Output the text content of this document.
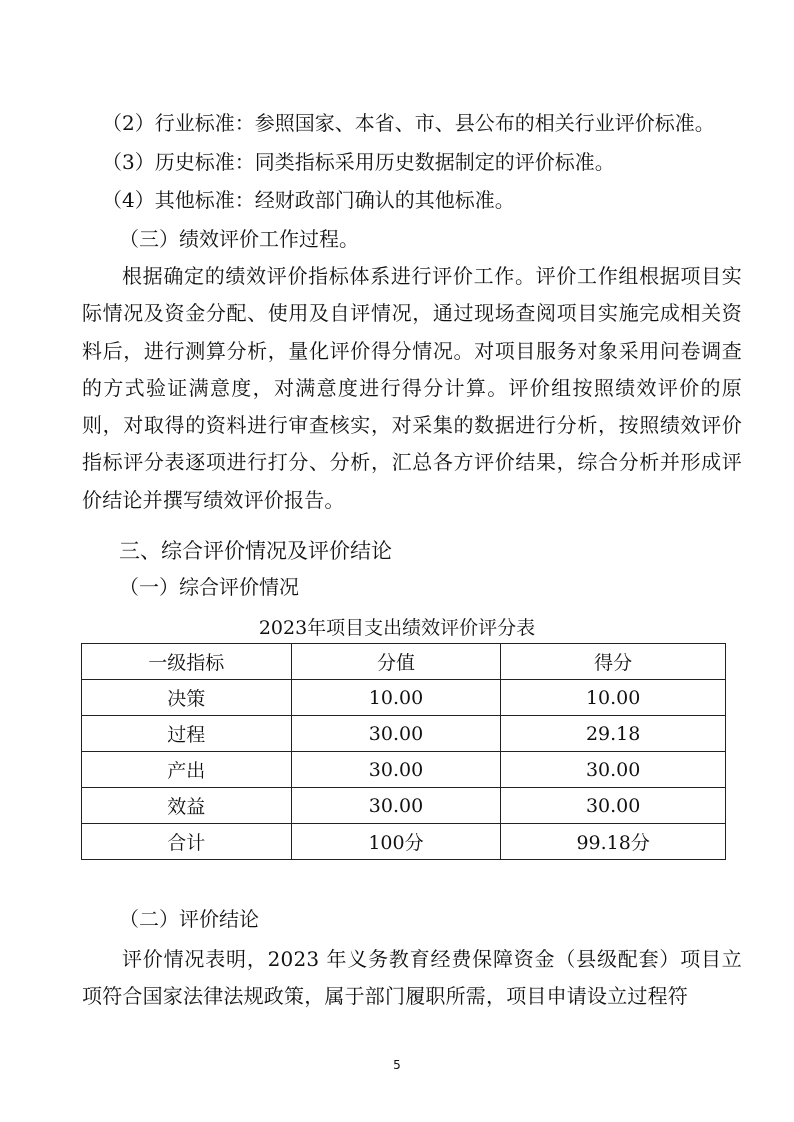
（2）行业标准：参照国家、本省、市、县公布的相关行业评价标准。
（3）历史标准：同类指标采用历史数据制定的评价标准。
（4）其他标准：经财政部门确认的其他标准。
（三）绩效评价工作过程。
根据确定的绩效评价指标体系进行评价工作。评价工作组根据项目实际情况及资金分配、使用及自评情况，通过现场查阅项目实施完成相关资料后，进行测算分析，量化评价得分情况。对项目服务对象采用问卷调查的方式验证满意度，对满意度进行得分计算。评价组按照绩效评价的原则，对取得的资料进行审查核实，对采集的数据进行分析，按照绩效评价指标评分表逐项进行打分、分析，汇总各方评价结果，综合分析并形成评价结论并撰写绩效评价报告。
三、综合评价情况及评价结论
（一）综合评价情况
2023年项目支出绩效评价评分表
一级指标	分值	得分
决策	10.00	10.00
过程	30.00	29.18
产出	30.00	30.00
效益	30.00	30.00
合计	100分	99.18分
（二）评价结论
评价情况表明，2023 年义务教育经费保障资金（县级配套）项目立项符合国家法律法规政策，属于部门履职所需，项目申请设立过程符
5
